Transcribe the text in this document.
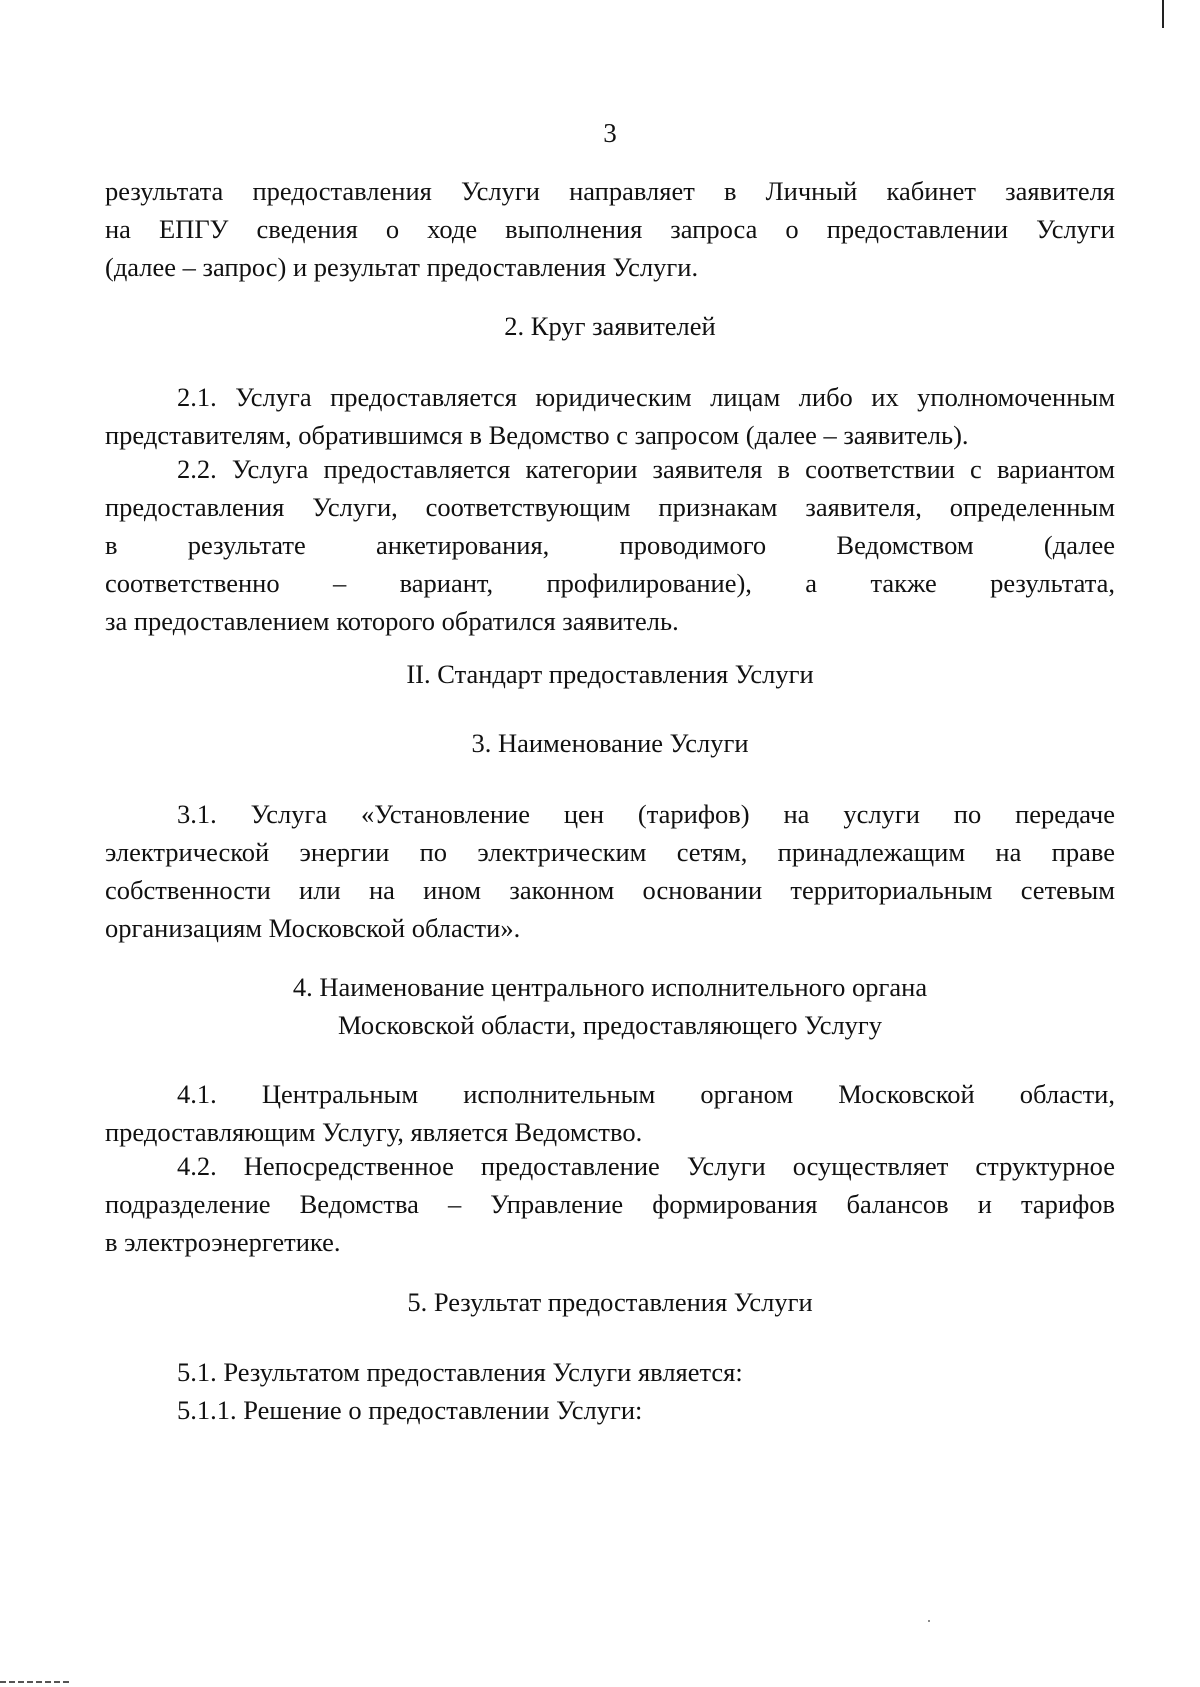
3
результата предоставления Услуги направляет в Личный кабинет заявителя
на ЕПГУ сведения о ходе выполнения запроса о предоставлении Услуги
(далее – запрос) и результат предоставления Услуги.
2. Круг заявителей
2.1. Услуга предоставляется юридическим лицам либо их уполномоченным
представителям, обратившимся в Ведомство с запросом (далее – заявитель).
2.2. Услуга предоставляется категории заявителя в соответствии с вариантом
предоставления Услуги, соответствующим признакам заявителя, определенным
в результате анкетирования, проводимого Ведомством (далее
соответственно – вариант, профилирование), а также результата,
за предоставлением которого обратился заявитель.
II. Стандарт предоставления Услуги
3. Наименование Услуги
3.1. Услуга «Установление цен (тарифов) на услуги по передаче
электрической энергии по электрическим сетям, принадлежащим на праве
собственности или на ином законном основании территориальным сетевым
организациям Московской области».
4. Наименование центрального исполнительного органа
Московской области, предоставляющего Услугу
4.1. Центральным исполнительным органом Московской области,
предоставляющим Услугу, является Ведомство.
4.2. Непосредственное предоставление Услуги осуществляет структурное
подразделение Ведомства – Управление формирования балансов и тарифов
в электроэнергетике.
5. Результат предоставления Услуги
5.1. Результатом предоставления Услуги является:
5.1.1. Решение о предоставлении Услуги:
